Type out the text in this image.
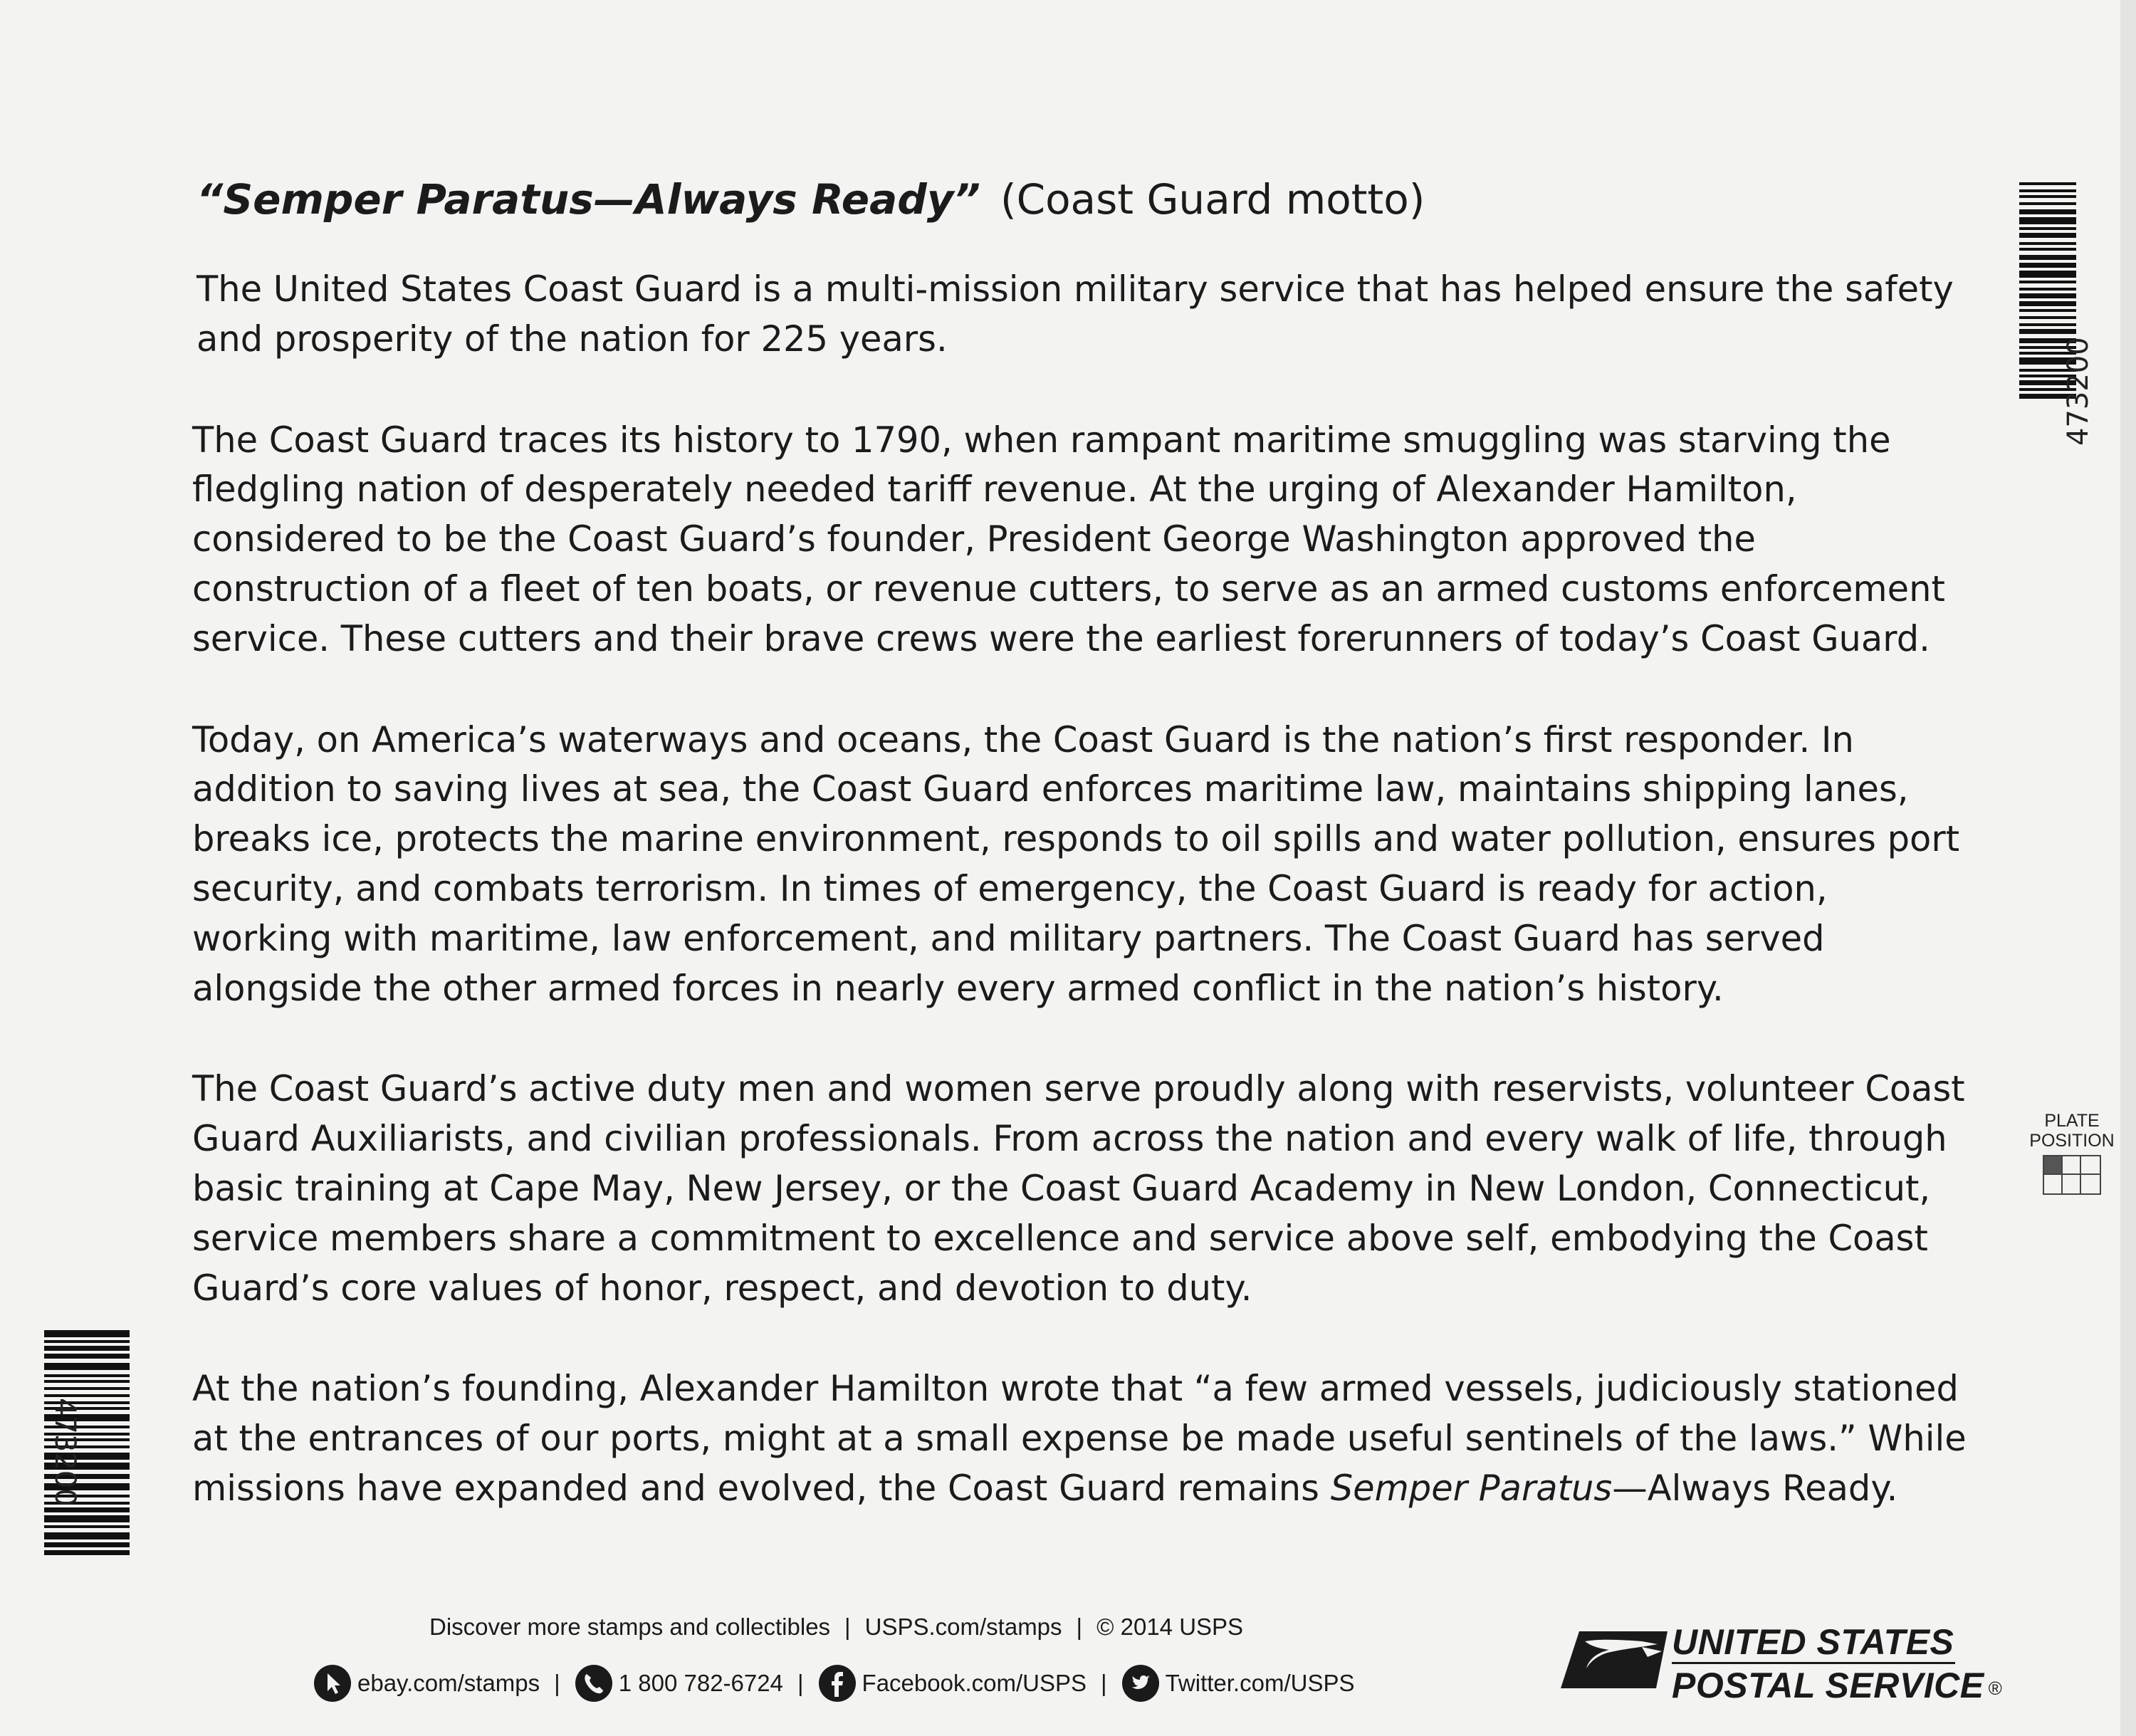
“Semper Paratus—Always Ready” (Coast Guard motto)

The United States Coast Guard is a multi-mission military service that has helped ensure the safety and prosperity of the nation for 225 years.

The Coast Guard traces its history to 1790, when rampant maritime smuggling was starving the fledgling nation of desperately needed tariff revenue. At the urging of Alexander Hamilton, considered to be the Coast Guard’s founder, President George Washington approved the construction of a fleet of ten boats, or revenue cutters, to serve as an armed customs enforcement service. These cutters and their brave crews were the earliest forerunners of today’s Coast Guard.

Today, on America’s waterways and oceans, the Coast Guard is the nation’s first responder. In addition to saving lives at sea, the Coast Guard enforces maritime law, maintains shipping lanes, breaks ice, protects the marine environment, responds to oil spills and water pollution, ensures port security, and combats terrorism. In times of emergency, the Coast Guard is ready for action, working with maritime, law enforcement, and military partners. The Coast Guard has served alongside the other armed forces in nearly every armed conflict in the nation’s history.

The Coast Guard’s active duty men and women serve proudly along with reservists, volunteer Coast Guard Auxiliarists, and civilian professionals. From across the nation and every walk of life, through basic training at Cape May, New Jersey, or the Coast Guard Academy in New London, Connecticut, service members share a commitment to excellence and service above self, embodying the Coast Guard’s core values of honor, respect, and devotion to duty.

At the nation’s founding, Alexander Hamilton wrote that “a few armed vessels, judiciously stationed at the entrances of our ports, might at a small expense be made useful sentinels of the laws.” While missions have expanded and evolved, the Coast Guard remains Semper Paratus—Always Ready.

473200
473200
PLATE
POSITION
Discover more stamps and collectibles | USPS.com/stamps | © 2014 USPS
ebay.com/stamps | 1 800 782-6724 | Facebook.com/USPS | Twitter.com/USPS
UNITED STATES
POSTAL SERVICE ®
